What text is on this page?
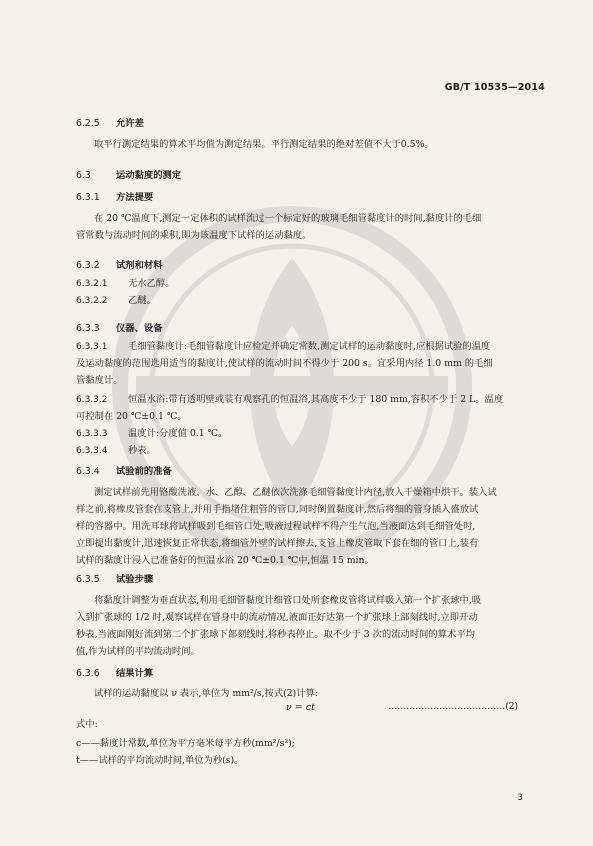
GB/T 10535—2014
6.2.5 允许差
取平行测定结果的算术平均值为测定结果。平行测定结果的绝对差值不大于0.5%。
6.3	运动黏度的测定
6.3.1 方法提要
在 20 ℃温度下,测定一定体积的试样流过一个标定好的玻璃毛细管黏度计的时间,黏度计的毛细
管常数与流动时间的乘积,即为该温度下试样的运动黏度。
6.3.2 试剂和材料
6.3.2.1 无水乙醇。
6.3.2.2 乙醚。
6.3.3 仪器、设备
6.3.3.1 毛细管黏度计:毛细管黏度计应检定并确定常数,测定试样的运动黏度时,应根据试验的温度
及运动黏度的范围选用适当的黏度计,使试样的流动时间不得少于 200 s。宜采用内径 1.0 mm 的毛细
管黏度计。
6.3.3.2 恒温水浴:带有透明壁或装有观察孔的恒温浴,其高度不少于 180 mm,容积不少于 2 L。温度
可控制在 20 ℃±0.1 ℃。
6.3.3.3 温度计:分度值 0.1 ℃。
6.3.3.4 秒表。
6.3.4 试验前的准备
测定试样前先用铬酸洗液、水、乙醇、乙醚依次洗涤毛细管黏度计内径,放入干燥箱中烘干。装入试
样之前,将橡皮管套在支管上,并用手指堵住粗管的管口,同时倒置黏度计,然后将细的管身插入盛放试
样的容器中。用洗耳球将试样吸到毛细管口处,吸液过程试样不得产生气泡,当液面达到毛细管处时,
立即提出黏度计,迅速恢复正常状态,将细管外壁的试样擦去,支管上橡皮管取下套在细的管口上,装有
试样的黏度计浸入已准备好的恒温水浴 20 ℃±0.1 ℃中,恒温 15 min。
6.3.5 试验步骤
将黏度计调整为垂直状态,利用毛细管黏度计细管口处所套橡皮管将试样吸入第一个扩张球中,吸
入到扩张球的 1/2 时,观察试样在管身中的流动情况,液面正好达第一个扩张球上部刻线时,立即开动
秒表,当液面刚好流到第二个扩张球下部刻线时,将秒表停止。取不少于 3 次的流动时间的算术平均
值,作为试样的平均流动时间。
6.3.6 结果计算
试样的运动黏度以 ν 表示,单位为 mm²/s,按式(2)计算:
ν = ct	…………………………………(2)
式中:
c——黏度计常数,单位为平方毫米每平方秒(mm²/s²);
t——试样的平均流动时间,单位为秒(s)。
3
